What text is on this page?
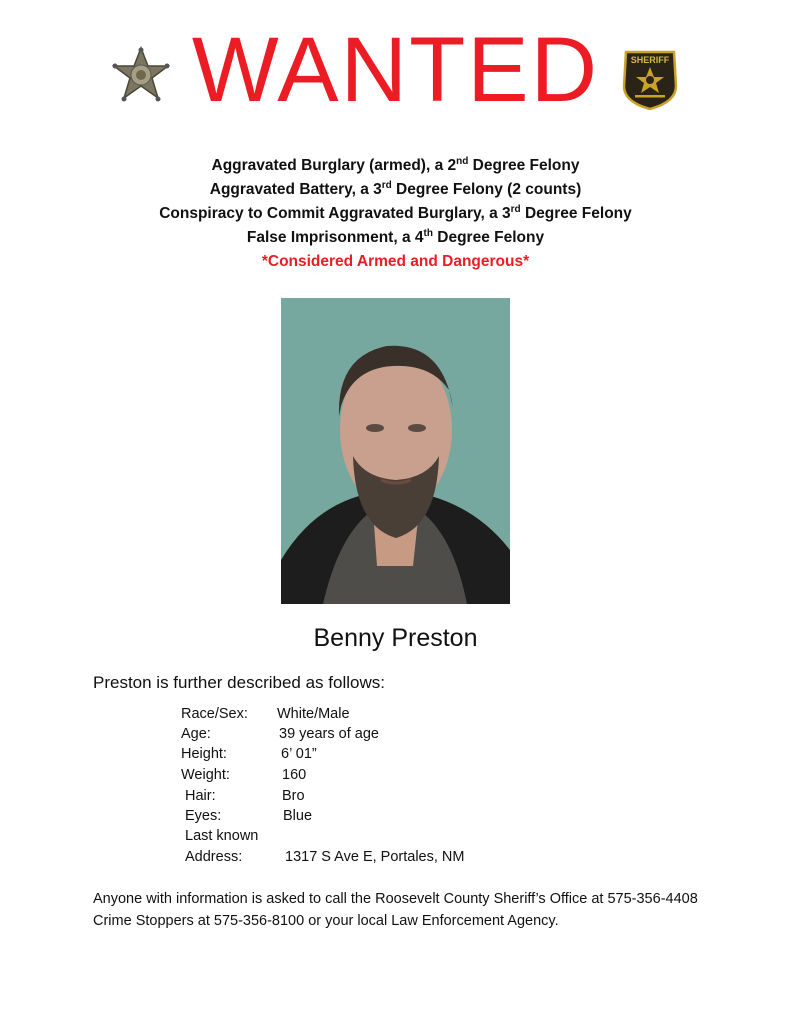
WANTED	SHERIFF
Aggravated Burglary (armed), a 2nd Degree Felony
Aggravated Battery, a 3rd Degree Felony (2 counts)
Conspiracy to Commit Aggravated Burglary, a 3rd Degree Felony
False Imprisonment, a 4th Degree Felony
*Considered Armed and Dangerous*
Benny Preston
Preston is further described as follows:
Race/Sex: White/Male
Age:	39 years of age
Height:	6’ 01”
Weight:	160
Hair:	Bro
Eyes:	Blue
Last known
Address:	1317 S Ave E, Portales, NM
Anyone with information is asked to call the Roosevelt County Sheriff’s Office at 575-356-4408
Crime Stoppers at 575-356-8100 or your local Law Enforcement Agency.
